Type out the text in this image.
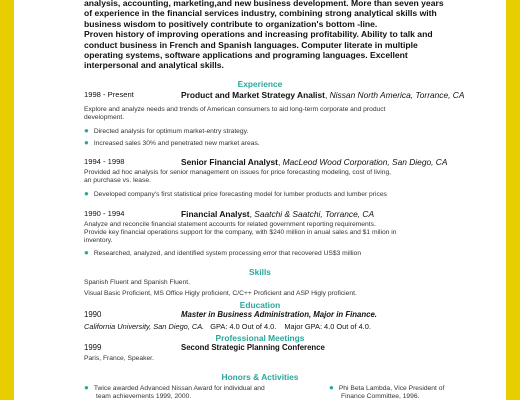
analysis, accounting, marketing,and new business development. More than seven years

of experience in the financial services industry, combining strong analytical skills with

business wisdom to positively contribute to organization's bottom -line.

Proven history of improving operations and increasing profitability. Ability to talk and

conduct business in French and Spanish languages. Computer literate in multiple

operating systems, software applications and programing languages. Excellent

interpersonal and analytical skills.

Experience
1998 - Present	Product and Market Strategy Analist, Nissan North America, Torrance, CA
Explore and analyze needs and trends of American consumers to aid long-term corporate and product
development.
● Directed analysis for optimum market-entry strategy.
● Increased sales 30% and penetrated new market areas.
1994 - 1998	Senior Financial Analyst, MacLeod Wood Corporation, San Diego, CA
Provided ad hoc analysis for senior management on issues for price forecasting modeling, cost of living,
an purchase vs. lease.
● Developed company's first statistical price forecasting model for lumber products and lumber prices
1990 - 1994	Financial Analyst, Saatchi & Saatchi, Torrance, CA
Analyze and reconcile financial statement accounts for related government reporting requirements.
Provide key financial operations support for the company, with $240 million in anual sales and $1 milion in
inventory.
● Researched, analyzed, and identified system processing error that recovered US$3 million
Skills
Spanish Fluent and Spanish Fluent.
Visual Basic Proficient, MS Office Higly proficient, C/C++ Proficient and ASP Higly proficient.
Education
1990	Master in Business Administration, Major in Finance.
California University, San Diego, CA. GPA: 4.0 Out of 4.0. Major GPA: 4.0 Out of 4.0.
Professional Meetings
1999	Second Strategic Planning Conference
Paris, France, Speaker.
Honors & Activities
● Twice awarded Advanced Nissan Award for individual and
team achievements 1999, 2000.
● Phi Beta Lambda, Vice President of
Finance Committee, 1996.
